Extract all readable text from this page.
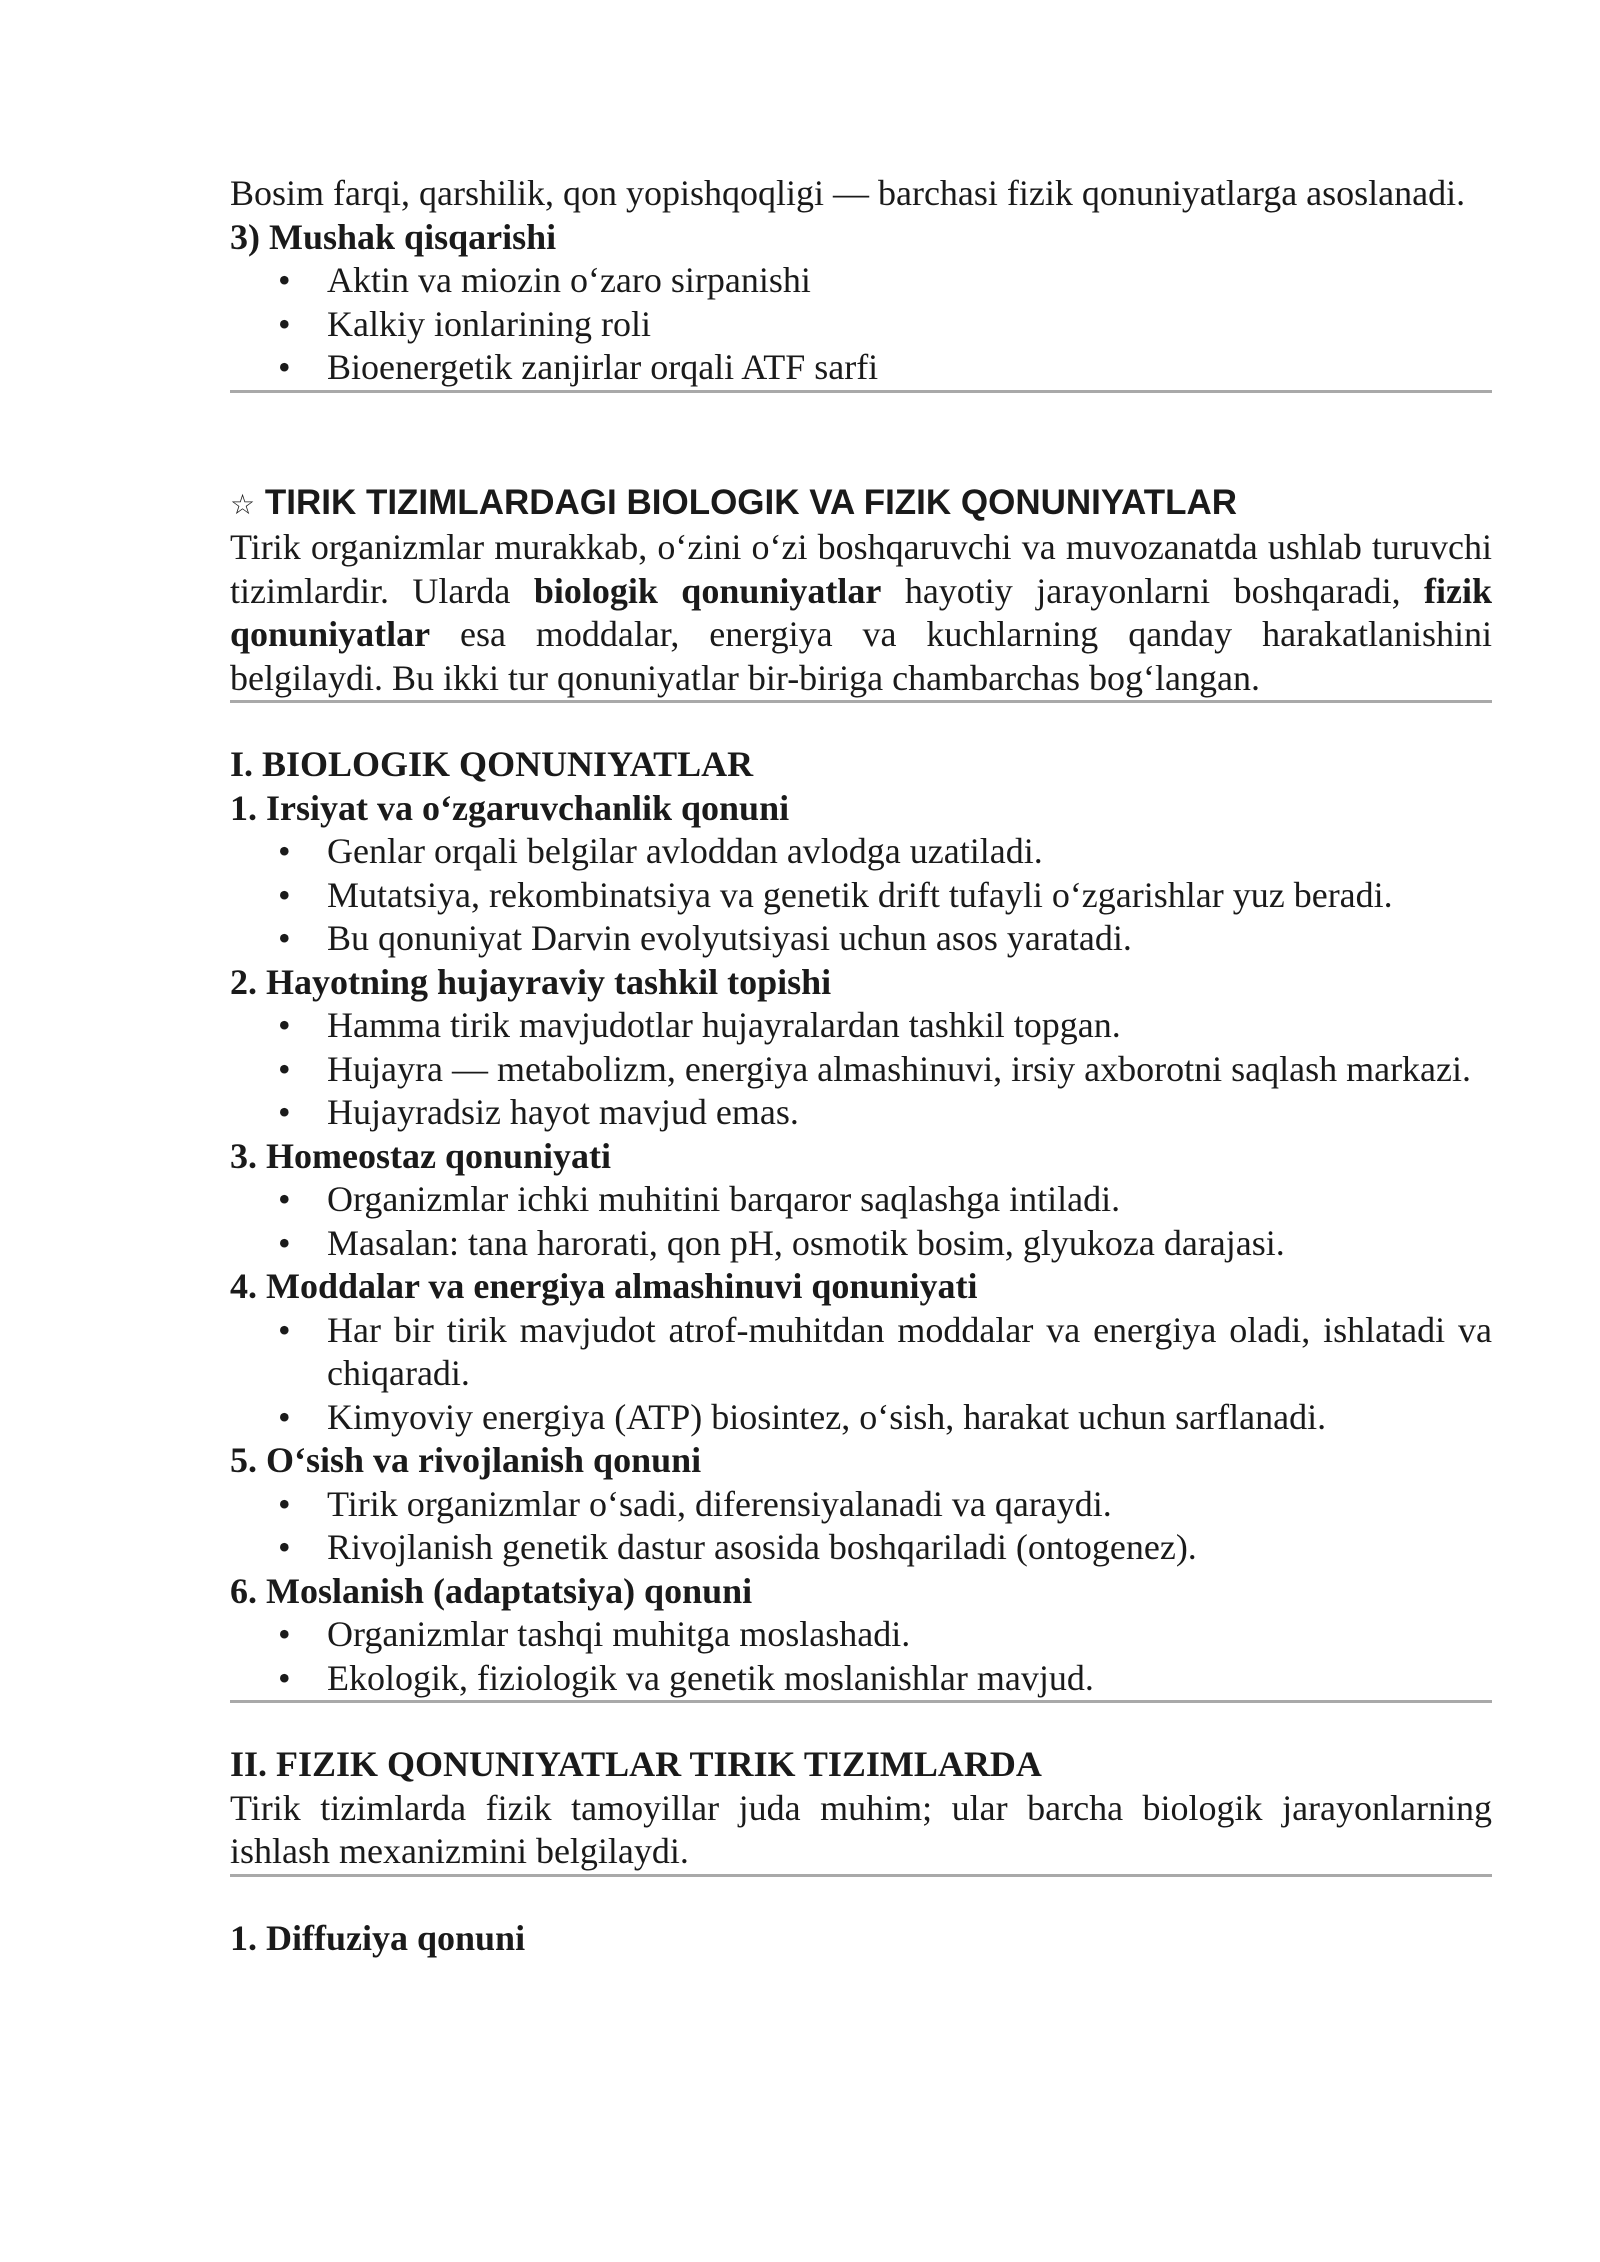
Bosim farqi, qarshilik, qon yopishqoqligi — barchasi fizik qonuniyatlarga asoslanadi.

3) Mushak qisqarishi

• Aktin va miozin o‘zaro sirpanishi
• Kalkiy ionlarining roli
• Bioenergetik zanjirlar orqali ATF sarfi

☆ TIRIK TIZIMLARDAGI BIOLOGIK VA FIZIK QONUNIYATLAR

Tirik organizmlar murakkab, o‘zini o‘zi boshqaruvchi va muvozanatda ushlab turuvchi tizimlardir. Ularda biologik qonuniyatlar hayotiy jarayonlarni boshqaradi, fizik qonuniyatlar esa moddalar, energiya va kuchlarning qanday harakatlanishini belgilaydi. Bu ikki tur qonuniyatlar bir-biriga chambarchas bog‘langan.

I. BIOLOGIK QONUNIYATLAR

1. Irsiyat va o‘zgaruvchanlik qonuni

• Genlar orqali belgilar avloddan avlodga uzatiladi.
• Mutatsiya, rekombinatsiya va genetik drift tufayli o‘zgarishlar yuz beradi.
• Bu qonuniyat Darvin evolyutsiyasi uchun asos yaratadi.

2. Hayotning hujayraviy tashkil topishi

• Hamma tirik mavjudotlar hujayralardan tashkil topgan.
• Hujayra — metabolizm, energiya almashinuvi, irsiy axborotni saqlash markazi.
• Hujayradsiz hayot mavjud emas.

3. Homeostaz qonuniyati

• Organizmlar ichki muhitini barqaror saqlashga intiladi.
• Masalan: tana harorati, qon pH, osmotik bosim, glyukoza darajasi.

4. Moddalar va energiya almashinuvi qonuniyati

• Har bir tirik mavjudot atrof-muhitdan moddalar va energiya oladi, ishlatadi va chiqaradi.
• Kimyoviy energiya (ATP) biosintez, o‘sish, harakat uchun sarflanadi.

5. O‘sish va rivojlanish qonuni

• Tirik organizmlar o‘sadi, diferensiyalanadi va qaraydi.
• Rivojlanish genetik dastur asosida boshqariladi (ontogenez).

6. Moslanish (adaptatsiya) qonuni

• Organizmlar tashqi muhitga moslashadi.
• Ekologik, fiziologik va genetik moslanishlar mavjud.

II. FIZIK QONUNIYATLAR TIRIK TIZIMLARDA

Tirik tizimlarda fizik tamoyillar juda muhim; ular barcha biologik jarayonlarning ishlash mexanizmini belgilaydi.

1. Diffuziya qonuni
